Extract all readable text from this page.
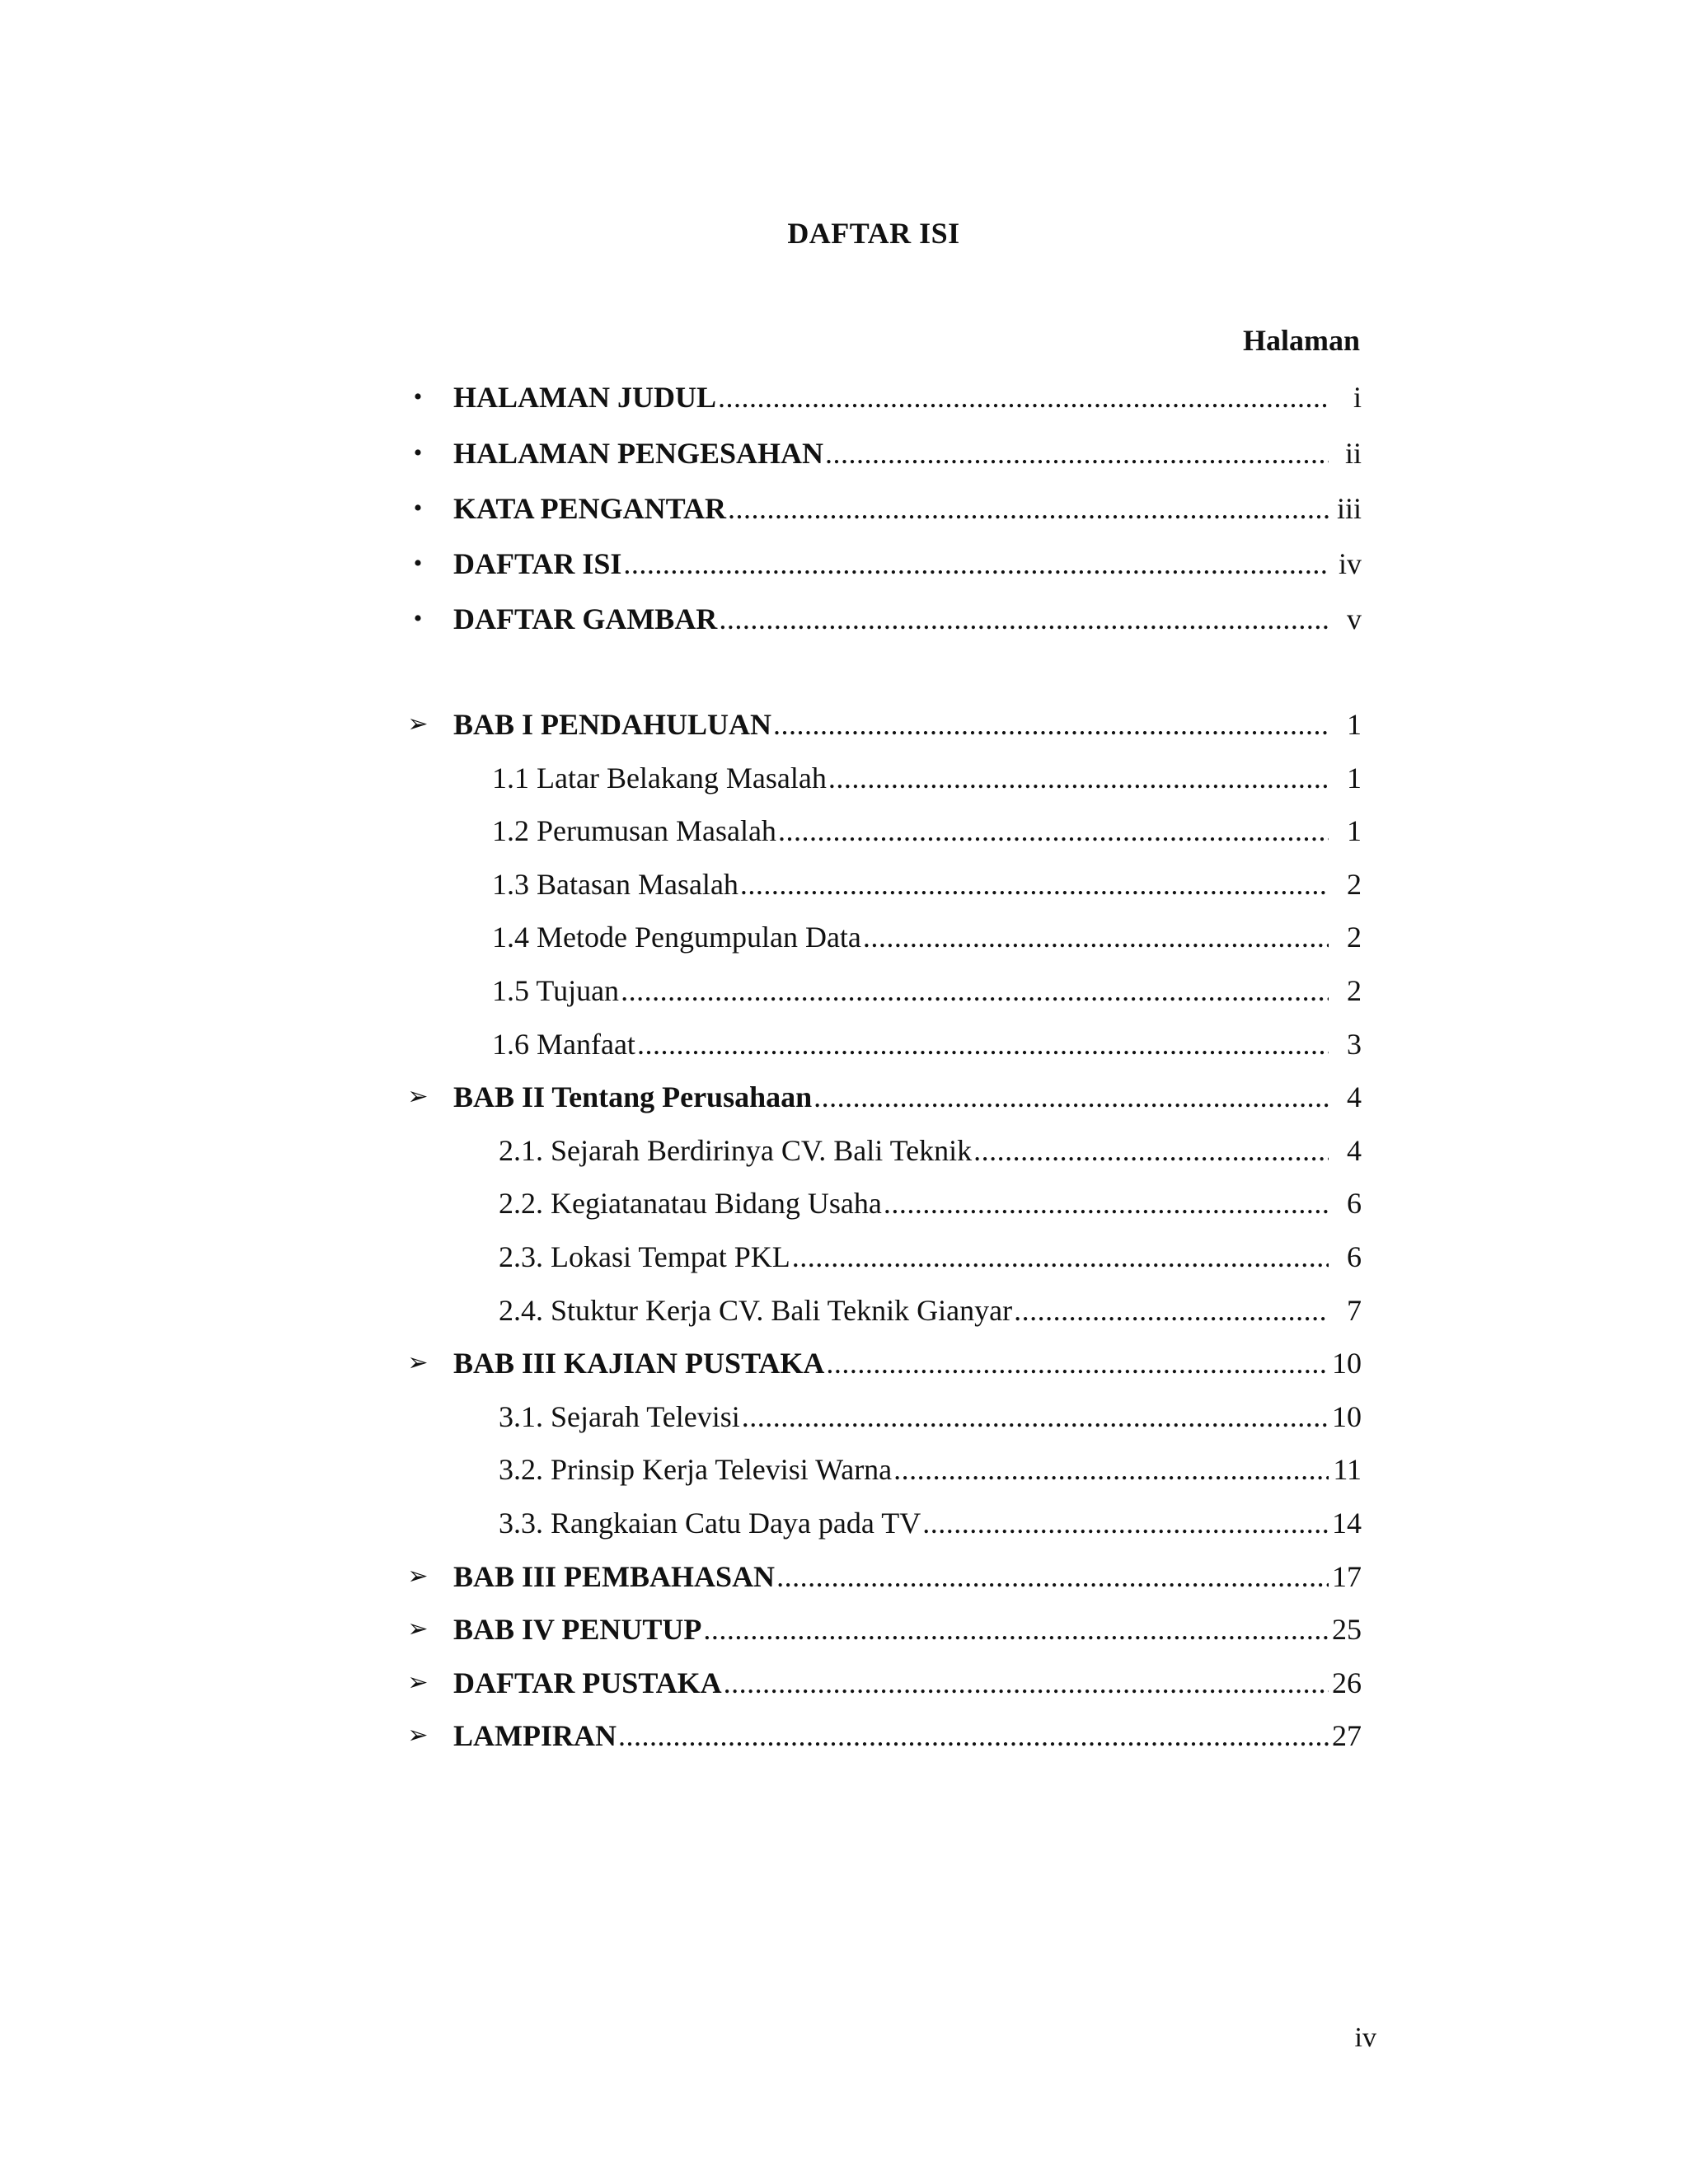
DAFTAR ISI
Halaman
• HALAMAN JUDUL .....	i
• HALAMAN PENGESAHAN .....	ii
• KATA PENGANTAR .....	iii
• DAFTAR ISI .....	iv
• DAFTAR GAMBAR .....	v
➢ BAB I PENDAHULUAN .....	1
1.1 Latar Belakang Masalah .....	1
1.2 Perumusan Masalah .....	1
1.3 Batasan Masalah .....	2
1.4 Metode Pengumpulan Data .....	2
1.5 Tujuan .....	2
1.6 Manfaat .....	3
➢ BAB II Tentang Perusahaan .....	4
2.1. Sejarah Berdirinya CV. Bali Teknik .....	4
2.2. Kegiatanatau Bidang Usaha .....	6
2.3. Lokasi Tempat PKL .....	6
2.4. Stuktur Kerja CV. Bali Teknik Gianyar .....	7
➢ BAB III KAJIAN PUSTAKA .....	10
3.1. Sejarah Televisi .....	10
3.2. Prinsip Kerja Televisi Warna .....	11
3.3. Rangkaian Catu Daya pada TV .....	14
➢ BAB III PEMBAHASAN .....	17
➢ BAB IV PENUTUP .....	25
➢ DAFTAR PUSTAKA .....	26
➢ LAMPIRAN .....	27
iv
